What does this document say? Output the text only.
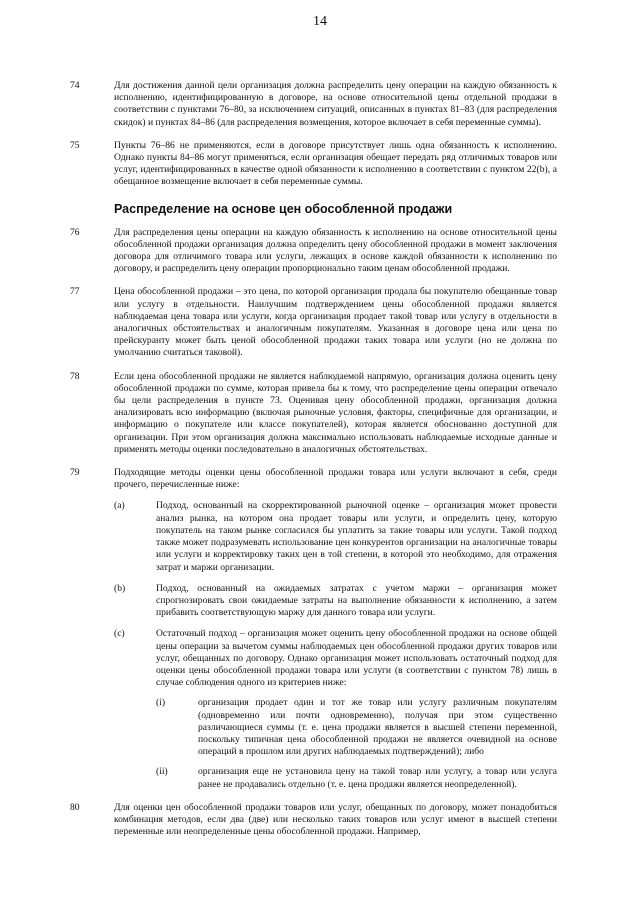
14
74	Для достижения данной цели организация должна распределить цену операции на каждую обязанность к исполнению, идентифицированную в договоре, на основе относительной цены отдельной продажи в соответствии с пунктами 76–80, за исключением ситуаций, описанных в пунктах 81–83 (для распределения скидок) и пунктах 84–86 (для распределения возмещения, которое включает в себя переменные суммы).
75	Пункты 76–86 не применяются, если в договоре присутствует лишь одна обязанность к исполнению. Однако пункты 84–86 могут применяться, если организация обещает передать ряд отличимых товаров или услуг, идентифицированных в качестве одной обязанности к исполнению в соответствии с пунктом 22(b), а обещанное возмещение включает в себя переменные суммы.
Распределение на основе цен обособленной продажи
76	Для распределения цены операции на каждую обязанность к исполнению на основе относительной цены обособленной продажи организация должна определить цену обособленной продажи в момент заключения договора для отличимого товара или услуги, лежащих в основе каждой обязанности к исполнению по договору, и распределить цену операции пропорционально таким ценам обособленной продажи.
77	Цена обособленной продажи – это цена, по которой организация продала бы покупателю обещанные товар или услугу в отдельности. Наилучшим подтверждением цены обособленной продажи является наблюдаемая цена товара или услуги, когда организация продает такой товар или услугу в отдельности в аналогичных обстоятельствах и аналогичным покупателям. Указанная в договоре цена или цена по прейскуранту может быть ценой обособленной продажи таких товара или услуги (но не должна по умолчанию считаться таковой).
78	Если цена обособленной продажи не является наблюдаемой напрямую, организация должна оценить цену обособленной продажи по сумме, которая привела бы к тому, что распределение цены операции отвечало бы цели распределения в пункте 73. Оценивая цену обособленной продажи, организация должна анализировать всю информацию (включая рыночные условия, факторы, специфичные для организации, и информацию о покупателе или классе покупателей), которая является обоснованно доступной для организации. При этом организация должна максимально использовать наблюдаемые исходные данные и применять методы оценки последовательно в аналогичных обстоятельствах.
79	Подходящие методы оценки цены обособленной продажи товара или услуги включают в себя, среди прочего, перечисленные ниже:
(a)	Подход, основанный на скорректированной рыночной оценке – организация может провести анализ рынка, на котором она продает товары или услуги, и определить цену, которую покупатель на таком рынке согласился бы уплатить за такие товары или услуги. Такой подход также может подразумевать использование цен конкурентов организации на аналогичные товары или услуги и корректировку таких цен в той степени, в которой это необходимо, для отражения затрат и маржи организации.
(b)	Подход, основанный на ожидаемых затратах с учетом маржи – организация может спрогнозировать свои ожидаемые затраты на выполнение обязанности к исполнению, а затем прибавить соответствующую маржу для данного товара или услуги.
(c)	Остаточный подход – организация может оценить цену обособленной продажи на основе общей цены операции за вычетом суммы наблюдаемых цен обособленной продажи других товаров или услуг, обещанных по договору. Однако организация может использовать остаточный подход для оценки цены обособленной продажи товара или услуги (в соответствии с пунктом 78) лишь в случае соблюдения одного из критериев ниже:
(i)	организация продает один и тот же товар или услугу различным покупателям (одновременно или почти одновременно), получая при этом существенно различающиеся суммы (т. е. цена продажи является в высшей степени переменной, поскольку типичная цена обособленной продажи не является очевидной на основе операций в прошлом или других наблюдаемых подтверждений); либо
(ii)	организация еще не установила цену на такой товар или услугу, а товар или услуга ранее не продавались отдельно (т. е. цена продажи является неопределенной).
80	Для оценки цен обособленной продажи товаров или услуг, обещанных по договору, может понадобиться комбинация методов, если два (две) или несколько таких товаров или услуг имеют в высшей степени переменные или неопределенные цены обособленной продажи. Например,
